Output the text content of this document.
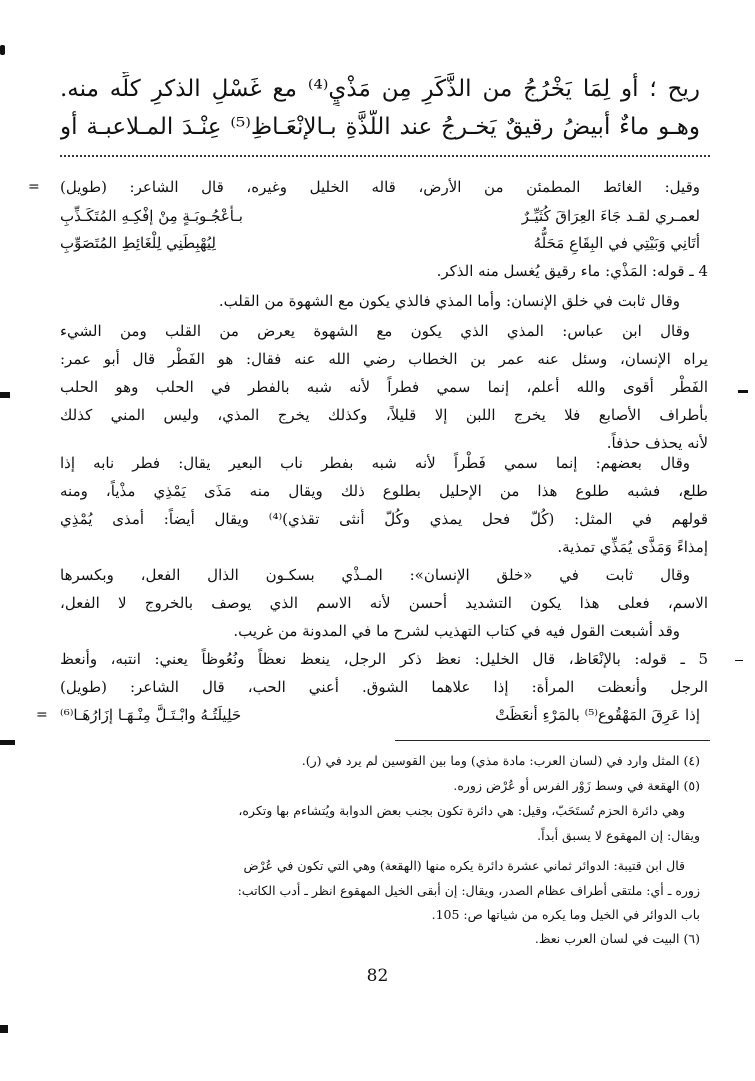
ريح ؛ أو لِمَا يَخْرُجُ من الذَّكَرِ مِن مَذْيٍ⁽⁴⁾ مع غَسْلِ الذكرِ كلِّه منه.
وهـو ماءٌ أبيضُ رقيقٌ يَخـرجُ عند اللَّذَّةِ بـالإنْعَـاظِ⁽⁵⁾ عِنْـدَ المـلاعبـة أو
= وقيل: الغائط المطمئن من الأرض، قاله الخليل وغيره، قال الشاعر: (طويل)
لعمـري لقـد جَاءَ العِرَاقَ كُثَيِّـرٌ
بـأعْجُـوبَـةٍ مِنْ إفْكِـهِ المُتَكَـذِّبِ
أتَانِي وَبَيْتِي في البِقَاعِ مَحَلُّهُ
لِيُهْبِطَنِي لِلْغَائِطِ المُتَصَوِّبِ
4 ـ قوله: المَذْي: ماء رقيق يُغسل منه الذكر.
وقال ثابت في خلق الإنسان: وأما المذي فالذي يكون مع الشهوة من القلب.
وقال ابن عباس: المذي الذي يكون مع الشهوة يعرض من القلب ومن الشيء
يراه الإنسان، وسئل عنه عمر بن الخطاب رضي الله عنه فقال: هو الفَطْر قال أبو عمر:
الفَطْر أقوى والله أعلم، إنما سمي فطراً لأنه شبه بالفطر في الحلب وهو الحلب
بأطراف الأصابع فلا يخرج اللبن إلا قليلاً، وكذلك يخرج المذي، وليس المني كذلك
لأنه يحذف حذفاً.
وقال بعضهم: إنما سمي فَطْراً لأنه شبه بفطر ناب البعير يقال: فطر نابه إذا
طلع، فشبه طلوع هذا من الإحليل بطلوع ذلك ويقال منه مَذَى يَمْذِي مذْياً، ومنه
قولهم في المثل: (كُلّ فحل يمذي وكُلّ أنثى تقذي)⁽⁴⁾ ويقال أيضاً: أمذى يُمْذِي
إمذاءً وَمَذَّى يُمَذِّي تمذية.
وقال ثابت في «خلق الإنسان»: المـذْي بسكـون الذال الفعل، وبكسرها
الاسم، فعلى هذا يكون التشديد أحسن لأنه الاسم الذي يوصف بالخروج لا الفعل،
وقد أشبعت القول فيه في كتاب التهذيب لشرح ما في المدونة من غريب.
5 ـ قوله: بالإنْعَاظ، قال الخليل: نعظ ذكر الرجل، ينعظ نعظاً ونُعُوظاً يعني: انتبه، وأنعظ
الرجل وأنعظت المرأة: إذا علاهما الشوق. أعني الحب، قال الشاعر: (طويل)
إذا عَرِقَ المَهْقُوع⁽⁵⁾ بالمَرْءِ أنعَظَتْ
حَلِيلَتُـهُ وابْـتَـلَّ مِنْـهَـا إزَارُهَـا⁽⁶⁾
=
(٤) المثل وارد في (لسان العرب: مادة مذي) وما بين القوسين لم يرد في (ر).
(٥) الهقعة في وسط زَوْر الفرس أو عُرْض زوره.
وهي دائرة الحزم تُستَحَبّ، وقيل: هي دائرة تكون بجنب بعض الدوابة ويُتشاءم بها وتكره،
ويقال: إن المهقوع لا يسبق أبداً.
قال ابن قتيبة: الدوائر ثماني عشرة دائرة يكره منها (الهقعة) وهي التي تكون في عُرْض
زوره ـ أي: ملتقى أطراف عظام الصدر، ويقال: إن أبقى الخيل المهقوع انظر ـ أدب الكاتب:
باب الدوائر في الخيل وما يكره من شياتها ص: 105.
(٦) البيت في لسان العرب نعظ.
82
